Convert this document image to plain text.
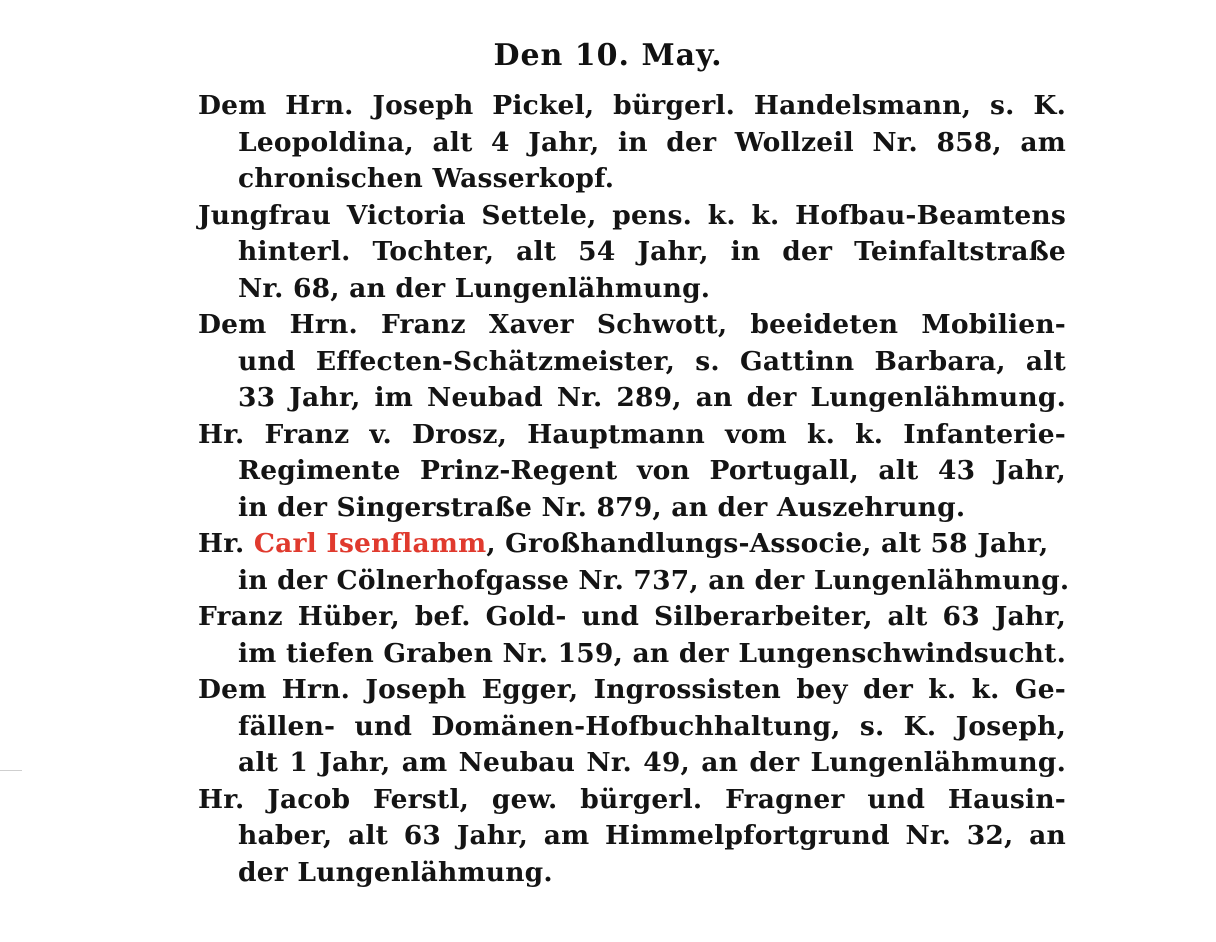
Den 10. May.
Dem Hrn. Joseph Pickel, bürgerl. Handelsmann, s. K.
Leopoldina, alt 4 Jahr, in der Wollzeil Nr. 858, am
chronischen Wasserkopf.
Jungfrau Victoria Settele, pens. k. k. Hofbau-Beamtens
hinterl. Tochter, alt 54 Jahr, in der Teinfaltstraße
Nr. 68, an der Lungenlähmung.
Dem Hrn. Franz Xaver Schwott, beeideten Mobilien-
und Effecten-Schätzmeister, s. Gattinn Barbara, alt
33 Jahr, im Neubad Nr. 289, an der Lungenlähmung.
Hr. Franz v. Drosz, Hauptmann vom k. k. Infanterie-
Regimente Prinz-Regent von Portugall, alt 43 Jahr,
in der Singerstraße Nr. 879, an der Auszehrung.
Hr. Carl Isenflamm, Großhandlungs-Associe, alt 58 Jahr,
in der Cölnerhofgasse Nr. 737, an der Lungenlähmung.
Franz Hüber, bef. Gold- und Silberarbeiter, alt 63 Jahr,
im tiefen Graben Nr. 159, an der Lungenschwindsucht.
Dem Hrn. Joseph Egger, Ingrossisten bey der k. k. Ge-
fällen- und Domänen-Hofbuchhaltung, s. K. Joseph,
alt 1 Jahr, am Neubau Nr. 49, an der Lungenlähmung.
Hr. Jacob Ferstl, gew. bürgerl. Fragner und Hausin-
haber, alt 63 Jahr, am Himmelpfortgrund Nr. 32, an
der Lungenlähmung.
